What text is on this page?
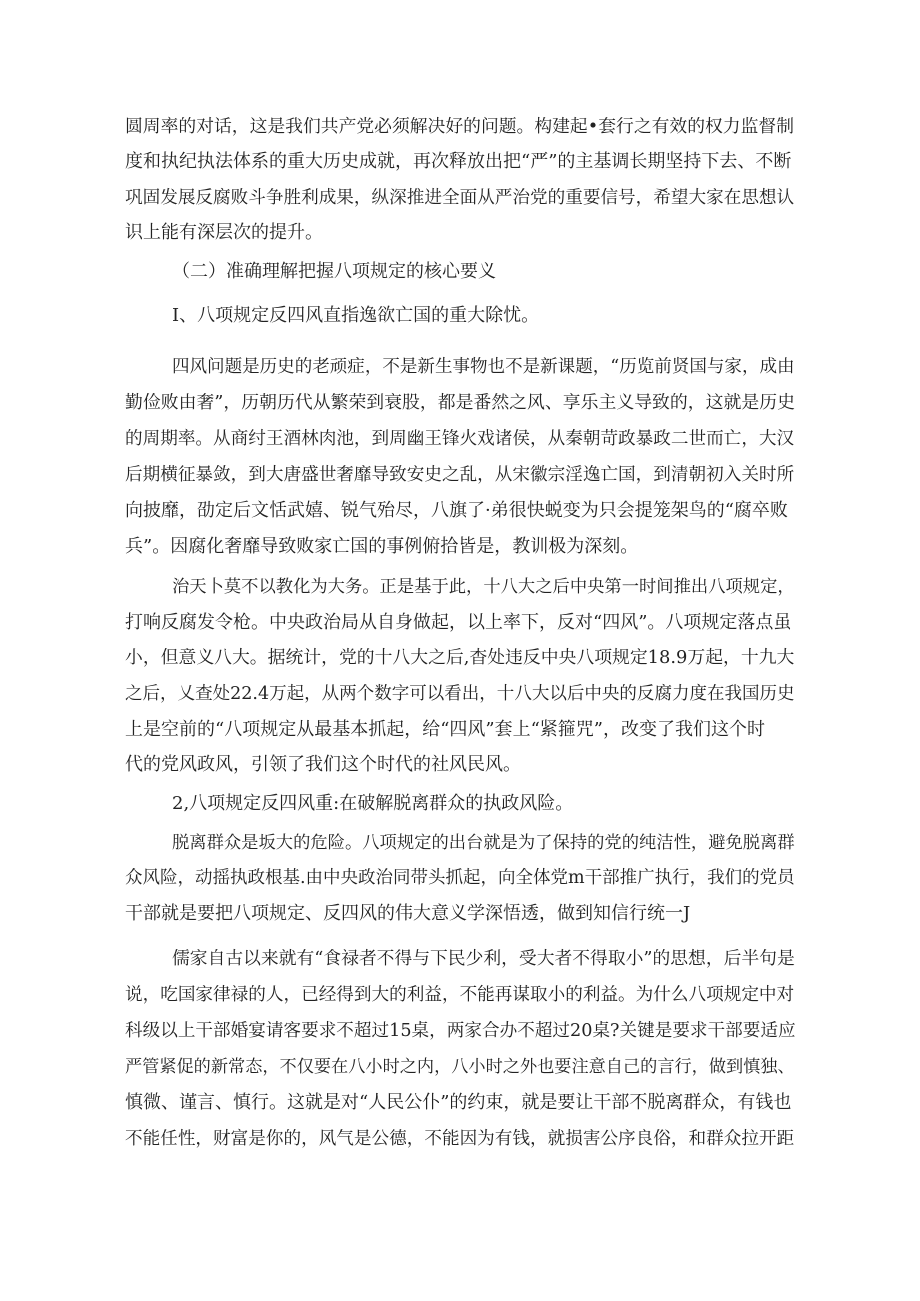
圆周率的对话，这是我们共产党必须解决好的问题。构建起•套行之有效的权力监督制
度和执纪执法体系的重大历史成就，再次释放出把“严”的主基调长期坚持下去、不断
巩固发展反腐败斗争胜利成果，纵深推进全面从严治党的重要信号，希望大家在思想认
识上能有深层次的提升。
（二）准确理解把握八项规定的核心要义
I、八项规定反四风直指逸欲亡国的重大除忧。
四风问题是历史的老顽症，不是新生事物也不是新课题，“历览前贤国与家，成由
勤俭败由奢”，历朝历代从繁荣到衰股，都是番然之风、享乐主义导致的，这就是历史
的周期率。从商纣王酒林肉池，到周幽王锋火戏诸侯，从秦朝苛政暴政二世而亡，大汉
后期横征暴敛，到大唐盛世奢靡导致安史之乱，从宋徽宗淫逸亡国，到清朝初入关时所
向披靡，劭定后文恬武嬉、锐气殆尽，八旗了·弟很快蜕变为只会提笼架鸟的“腐卒败
兵”。因腐化奢靡导致败家亡国的事例俯拾皆是，教训极为深刻。
治天卜莫不以教化为大务。正是基于此，十八大之后中央第一时间推出八项规定，
打响反腐发令枪。中央政治局从自身做起，以上率下，反对“四风”。八项规定落点虽
小，但意义八大。据统计，党的十八大之后,杳处违反中央八项规定18.9万起，十九大
之后，乂查处22.4万起，从两个数字可以看出，十八大以后中央的反腐力度在我国历史
上是空前的“八项规定从最基本抓起，给“四风”套上“紧箍咒”，改变了我们这个时
代的党风政风，引领了我们这个时代的社风民风。
2,八项规定反四风重:在破解脱离群众的执政风险。
脱离群众是坂大的危险。八项规定的出台就是为了保持的党的纯洁性，避免脱离群
众风险，动摇执政根基.由中央政治同带头抓起，向全体党m干部推广执行，我们的党员
干部就是要把八项规定、反四风的伟大意义学深悟透，做到知信行统一J
儒家自古以来就有“食禄者不得与下民少利，受大者不得取小”的思想，后半句是
说，吃国家律禄的人，已经得到大的利益，不能再谋取小的利益。为什么八项规定中对
科级以上干部婚宴请客要求不超过15桌，两家合办不超过20桌?关键是要求干部要适应
严管紧促的新常态，不仅要在八小时之内，八小时之外也要注意自己的言行，做到慎独、
慎微、谨言、慎行。这就是对“人民公仆”的约束，就是要让干部不脱离群众，有钱也
不能任性，财富是你的，风气是公德，不能因为有钱，就损害公序良俗，和群众拉开距
